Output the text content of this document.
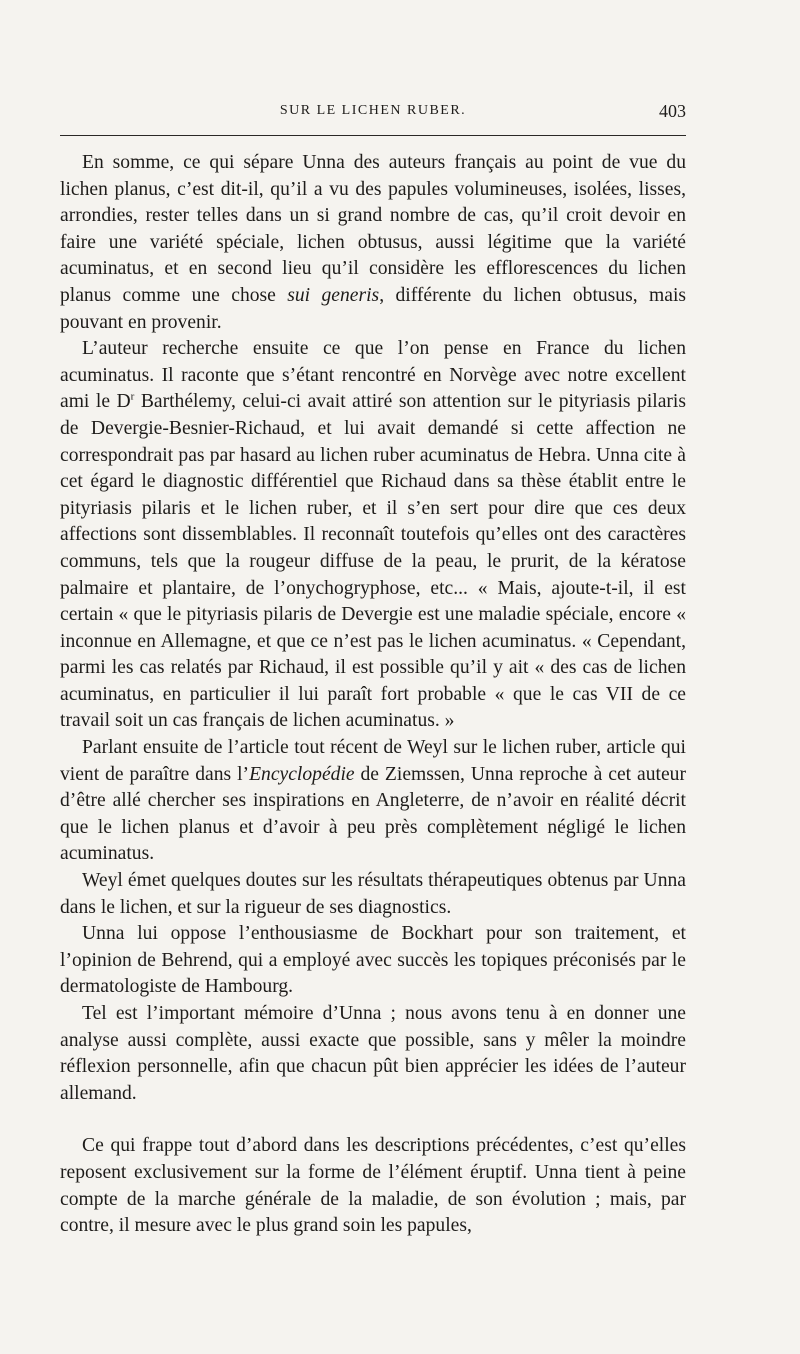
SUR LE LICHEN RUBER.	403

En somme, ce qui sépare Unna des auteurs français au point de vue du lichen planus, c’est dit-il, qu’il a vu des papules volumineuses, isolées, lisses, arrondies, rester telles dans un si grand nombre de cas, qu’il croit devoir en faire une variété spéciale, lichen obtusus, aussi légitime que la variété acuminatus, et en second lieu qu’il considère les efflorescences du lichen planus comme une chose sui generis, différente du lichen obtusus, mais pouvant en provenir.

L’auteur recherche ensuite ce que l’on pense en France du lichen acuminatus. Il raconte que s’étant rencontré en Norvège avec notre excellent ami le $D^r$ Barthélemy, celui-ci avait attiré son attention sur le pityriasis pilaris de Devergie-Besnier-Richaud, et lui avait demandé si cette affection ne correspondrait pas par hasard au lichen ruber acuminatus de Hebra. Unna cite à cet égard le diagnostic différentiel que Richaud dans sa thèse établit entre le pityriasis pilaris et le lichen ruber, et il s’en sert pour dire que ces deux affections sont dissemblables. Il reconnaît toutefois qu’elles ont des caractères communs, tels que la rougeur diffuse de la peau, le prurit, de la kératose palmaire et plantaire, de l’onychogryphose, etc... « Mais, ajoute-t-il, il est certain « que le pityriasis pilaris de Devergie est une maladie spéciale, encore « inconnue en Allemagne, et que ce n’est pas le lichen acuminatus. « Cependant, parmi les cas relatés par Richaud, il est possible qu’il y ait « des cas de lichen acuminatus, en particulier il lui paraît fort probable « que le cas VII de ce travail soit un cas français de lichen acuminatus. »

Parlant ensuite de l’article tout récent de Weyl sur le lichen ruber, article qui vient de paraître dans l’Encyclopédie de Ziemssen, Unna reproche à cet auteur d’être allé chercher ses inspirations en Angleterre, de n’avoir en réalité décrit que le lichen planus et d’avoir à peu près complètement négligé le lichen acuminatus.

Weyl émet quelques doutes sur les résultats thérapeutiques obtenus par Unna dans le lichen, et sur la rigueur de ses diagnostics.

Unna lui oppose l’enthousiasme de Bockhart pour son traitement, et l’opinion de Behrend, qui a employé avec succès les topiques préconisés par le dermatologiste de Hambourg.

Tel est l’important mémoire d’Unna ; nous avons tenu à en donner une analyse aussi complète, aussi exacte que possible, sans y mêler la moindre réflexion personnelle, afin que chacun pût bien apprécier les idées de l’auteur allemand.

Ce qui frappe tout d’abord dans les descriptions précédentes, c’est qu’elles reposent exclusivement sur la forme de l’élément éruptif. Unna tient à peine compte de la marche générale de la maladie, de son évolution ; mais, par contre, il mesure avec le plus grand soin les papules,
